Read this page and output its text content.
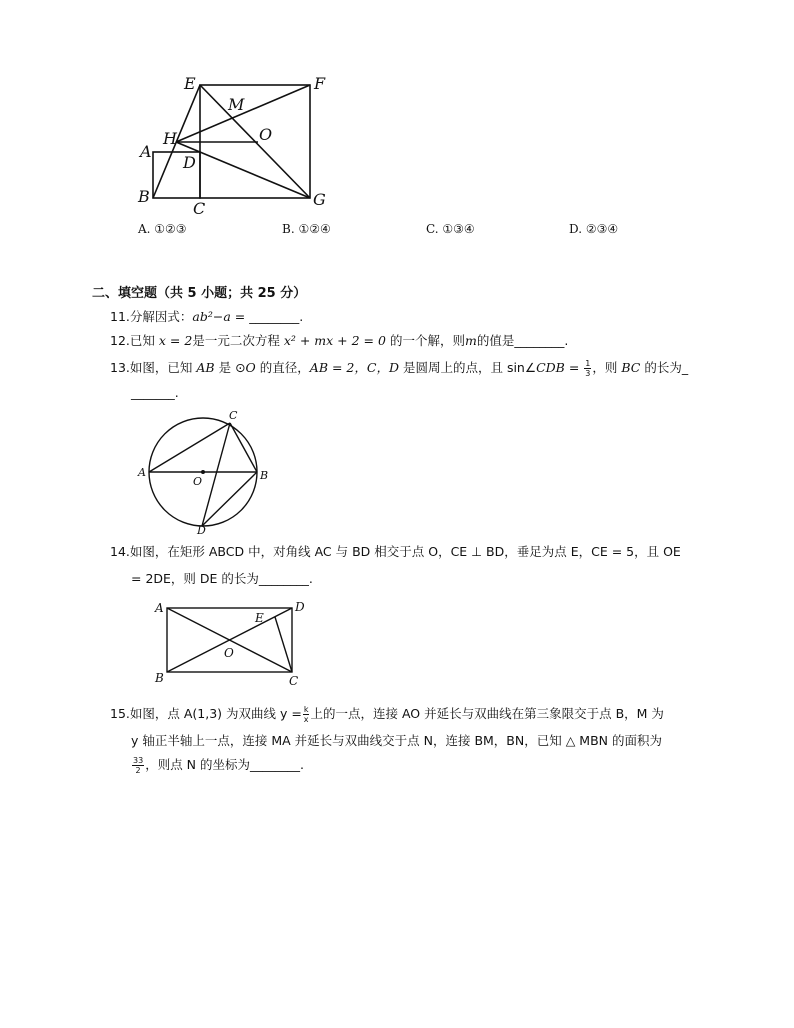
E	F
M
H	O
A
D
B
C	G
A. ①②③	B. ①②④	C. ①③④	D. ②③④
二、填空题（共 5 小题；共 25 分）
11.分解因式：ab²−a = ________.
12.已知 x = 2是一元二次方程 x² + mx + 2 = 0 的一个解，则m的值是________.
13.如图，已知 AB 是 ⊙O 的直径，AB = 2，C，D 是圆周上的点，且 sin∠CDB = $\frac{1}{3}$ ，则 BC 的长为_
_______.
A	B
C
D
O
14.如图，在矩形 ABCD 中，对角线 AC 与 BD 相交于点 O，CE ⊥ BD，垂足为点 E，CE = 5，且 OE
= 2DE，则 DE 的长为________.
A	D
B	C
E
O
15.如图，点 A(1,3) 为双曲线 $y = \frac{k}{x}$ 上的一点，连接 AO 并延长与双曲线在第三象限交于点 B，M 为
y 轴正半轴上一点，连接 MA 并延长与双曲线交于点 N，连接 BM，BN，已知 △ MBN 的面积为
$\frac{33}{2}$ ，则点 N 的坐标为________.
